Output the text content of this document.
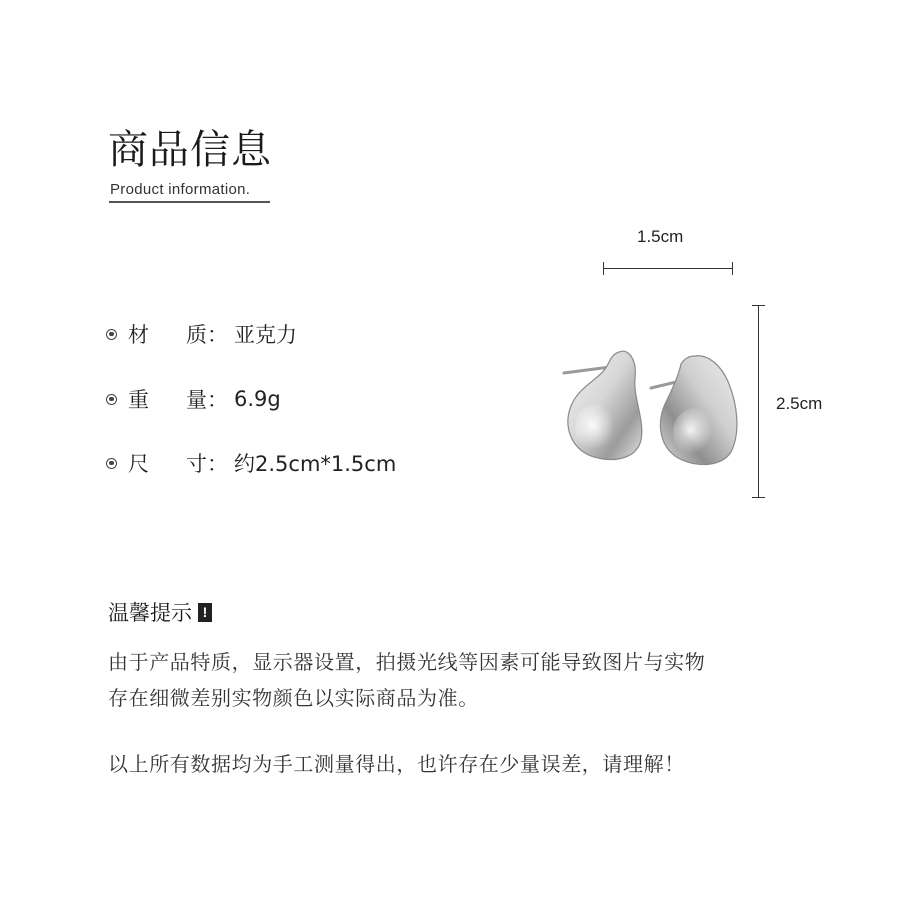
商品信息
Product information.
材	质 ： 亚克力
重	量 ： 6.9g
尺	寸 ： 约2.5cm*1.5cm
1.5cm
2.5cm
温馨提示 !
由于产品特质，显示器设置，拍摄光线等因素可能导致图片与实物
存在细微差别实物颜色以实际商品为准。
以上所有数据均为手工测量得出，也许存在少量误差，请理解！
